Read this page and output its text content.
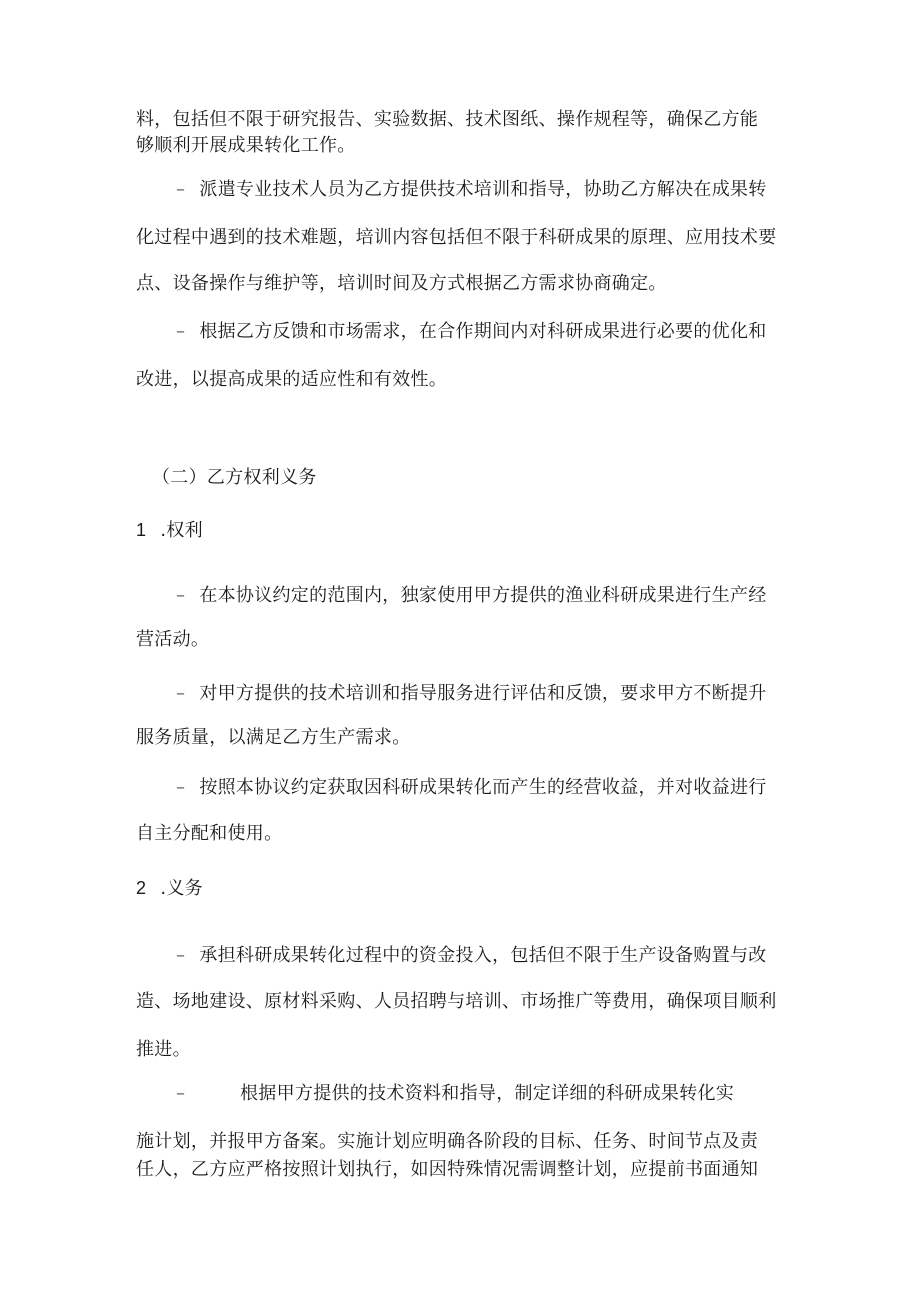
料，包括但不限于研究报告、实验数据、技术图纸、操作规程等，确保乙方能
够顺利开展成果转化工作。
– 派遣专业技术人员为乙方提供技术培训和指导，协助乙方解决在成果转
化过程中遇到的技术难题，培训内容包括但不限于科研成果的原理、应用技术要
点、设备操作与维护等，培训时间及方式根据乙方需求协商确定。
– 根据乙方反馈和市场需求，在合作期间内对科研成果进行必要的优化和
改进，以提高成果的适应性和有效性。
（二）乙方权利义务
1 .权利
– 在本协议约定的范围内，独家使用甲方提供的渔业科研成果进行生产经
营活动。
– 对甲方提供的技术培训和指导服务进行评估和反馈，要求甲方不断提升
服务质量，以满足乙方生产需求。
– 按照本协议约定获取因科研成果转化而产生的经营收益，并对收益进行
自主分配和使用。
2 .义务
– 承担科研成果转化过程中的资金投入，包括但不限于生产设备购置与改
造、场地建设、原材料采购、人员招聘与培训、市场推广等费用，确保项目顺利
推进。
–	根据甲方提供的技术资料和指导，制定详细的科研成果转化实
施计划，并报甲方备案。实施计划应明确各阶段的目标、任务、时间节点及责
任人，乙方应严格按照计划执行，如因特殊情况需调整计划，应提前书面通知
